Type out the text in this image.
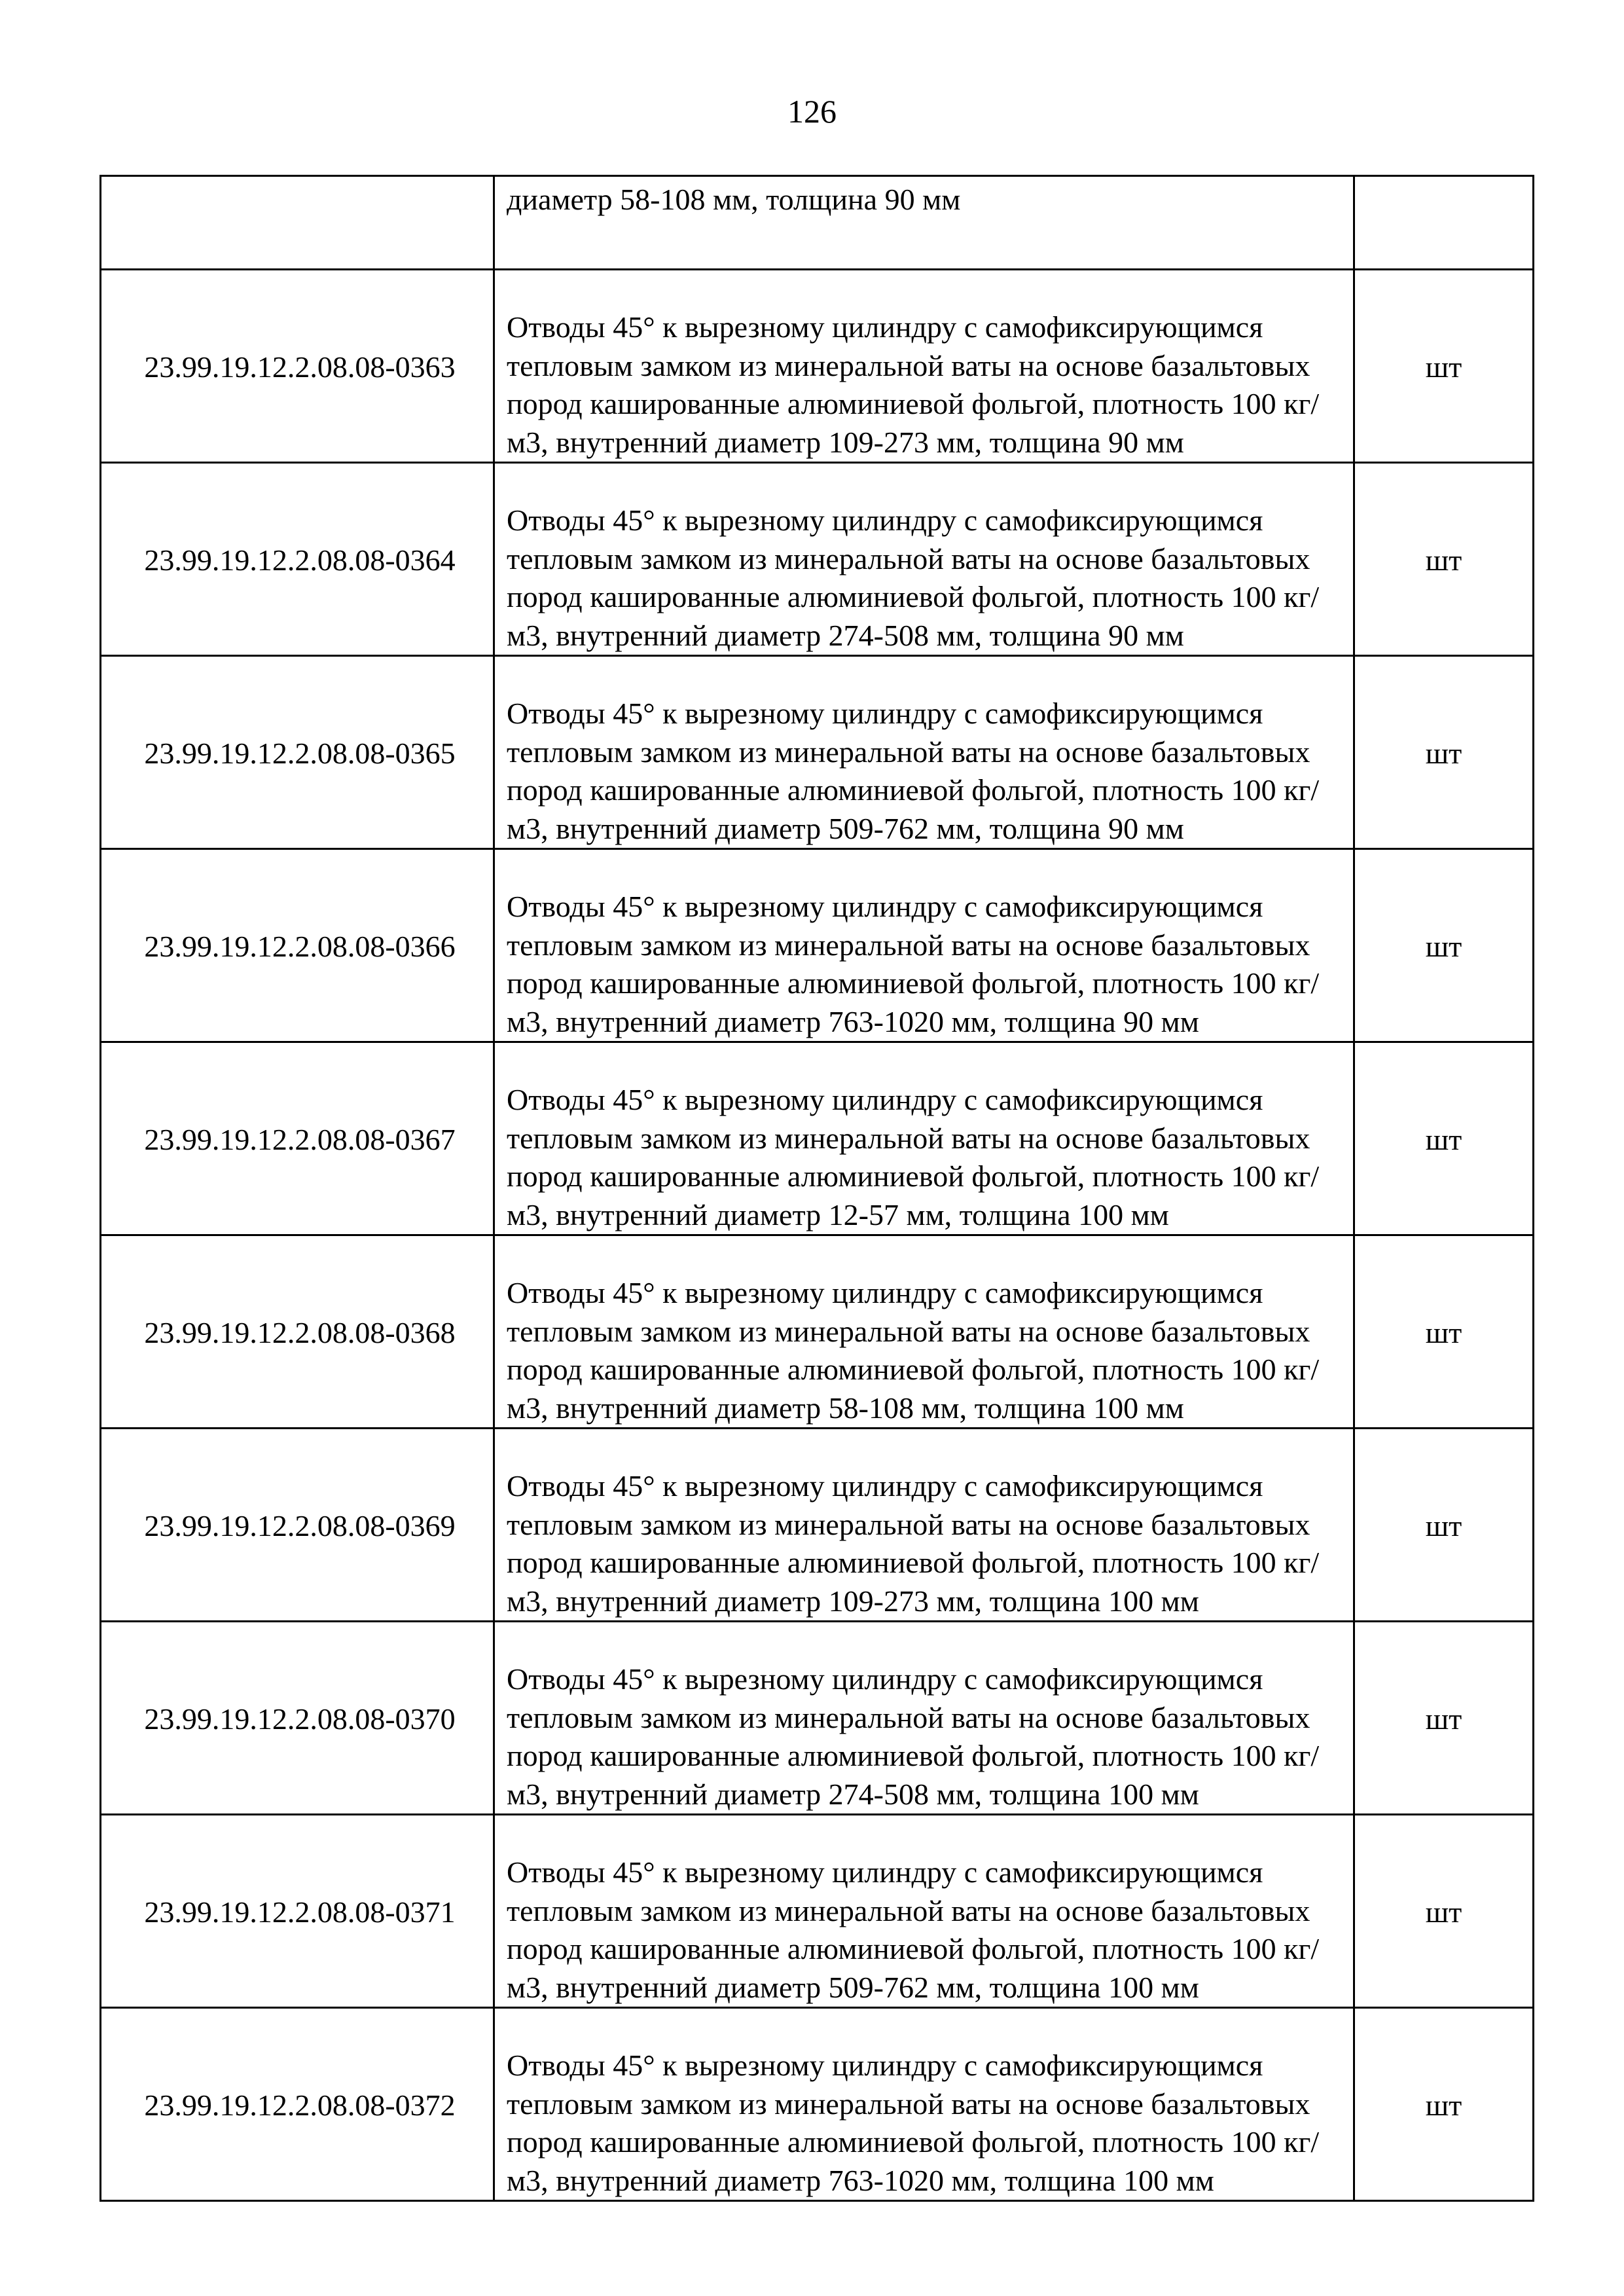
126

	диаметр 58-108 мм, толщина 90 мм	

23.99.19.12.2.08.08-0363	Отводы 45° к вырезному цилиндру с самофиксирующимся тепловым замком из минеральной ваты на основе базальтовых пород кашированные алюминиевой фольгой, плотность 100 кг/м3, внутренний диаметр 109-273 мм, толщина 90 мм	шт
23.99.19.12.2.08.08-0364	Отводы 45° к вырезному цилиндру с самофиксирующимся тепловым замком из минеральной ваты на основе базальтовых пород кашированные алюминиевой фольгой, плотность 100 кг/м3, внутренний диаметр 274-508 мм, толщина 90 мм	шт
23.99.19.12.2.08.08-0365	Отводы 45° к вырезному цилиндру с самофиксирующимся тепловым замком из минеральной ваты на основе базальтовых пород кашированные алюминиевой фольгой, плотность 100 кг/м3, внутренний диаметр 509-762 мм, толщина 90 мм	шт
23.99.19.12.2.08.08-0366	Отводы 45° к вырезному цилиндру с самофиксирующимся тепловым замком из минеральной ваты на основе базальтовых пород кашированные алюминиевой фольгой, плотность 100 кг/м3, внутренний диаметр 763-1020 мм, толщина 90 мм	шт
23.99.19.12.2.08.08-0367	Отводы 45° к вырезному цилиндру с самофиксирующимся тепловым замком из минеральной ваты на основе базальтовых пород кашированные алюминиевой фольгой, плотность 100 кг/м3, внутренний диаметр 12-57 мм, толщина 100 мм	шт
23.99.19.12.2.08.08-0368	Отводы 45° к вырезному цилиндру с самофиксирующимся тепловым замком из минеральной ваты на основе базальтовых пород кашированные алюминиевой фольгой, плотность 100 кг/м3, внутренний диаметр 58-108 мм, толщина 100 мм	шт
23.99.19.12.2.08.08-0369	Отводы 45° к вырезному цилиндру с самофиксирующимся тепловым замком из минеральной ваты на основе базальтовых пород кашированные алюминиевой фольгой, плотность 100 кг/м3, внутренний диаметр 109-273 мм, толщина 100 мм	шт
23.99.19.12.2.08.08-0370	Отводы 45° к вырезному цилиндру с самофиксирующимся тепловым замком из минеральной ваты на основе базальтовых пород кашированные алюминиевой фольгой, плотность 100 кг/м3, внутренний диаметр 274-508 мм, толщина 100 мм	шт
23.99.19.12.2.08.08-0371	Отводы 45° к вырезному цилиндру с самофиксирующимся тепловым замком из минеральной ваты на основе базальтовых пород кашированные алюминиевой фольгой, плотность 100 кг/м3, внутренний диаметр 509-762 мм, толщина 100 мм	шт
23.99.19.12.2.08.08-0372	Отводы 45° к вырезному цилиндру с самофиксирующимся тепловым замком из минеральной ваты на основе базальтовых пород кашированные алюминиевой фольгой, плотность 100 кг/м3, внутренний диаметр 763-1020 мм, толщина 100 мм	шт
